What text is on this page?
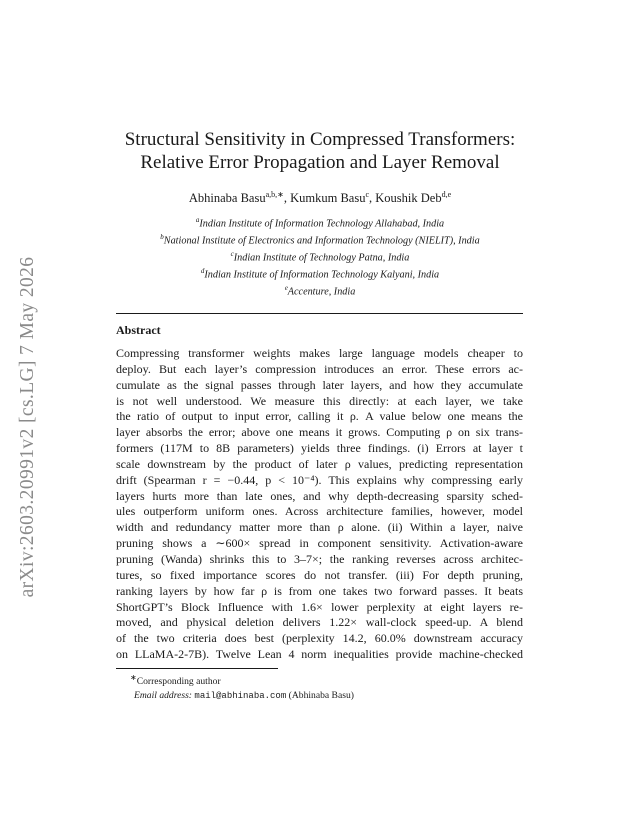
arXiv:2603.20991v2 [cs.LG] 7 May 2026
Structural Sensitivity in Compressed Transformers:
Relative Error Propagation and Layer Removal
Abhinaba Basu$^{a,b,∗}$, Kumkum Basu$^c$, Koushik Deb$^{d,e}$
$^a$Indian Institute of Information Technology Allahabad, India
$^b$National Institute of Electronics and Information Technology (NIELIT), India
$^c$Indian Institute of Technology Patna, India
$^d$Indian Institute of Information Technology Kalyani, India
$^e$Accenture, India
Abstract
Compressing transformer weights makes large language models cheaper to
deploy. But each layer’s compression introduces an error. These errors ac-
cumulate as the signal passes through later layers, and how they accumulate
is not well understood. We measure this directly: at each layer, we take
the ratio of output to input error, calling it ρ. A value below one means the
layer absorbs the error; above one means it grows. Computing ρ on six trans-
formers (117M to 8B parameters) yields three findings. (i) Errors at layer t
scale downstream by the product of later ρ values, predicting representation
drift (Spearman r = −0.44, p < 10⁻⁴). This explains why compressing early
layers hurts more than late ones, and why depth-decreasing sparsity sched-
ules outperform uniform ones. Across architecture families, however, model
width and redundancy matter more than ρ alone. (ii) Within a layer, naive
pruning shows a ∼600× spread in component sensitivity. Activation-aware
pruning (Wanda) shrinks this to 3–7×; the ranking reverses across architec-
tures, so fixed importance scores do not transfer. (iii) For depth pruning,
ranking layers by how far ρ is from one takes two forward passes. It beats
ShortGPT’s Block Influence with 1.6× lower perplexity at eight layers re-
moved, and physical deletion delivers 1.22× wall-clock speed-up. A blend
of the two criteria does best (perplexity 14.2, 60.0% downstream accuracy
on LLaMA-2-7B). Twelve Lean 4 norm inequalities provide machine-checked
∗Corresponding author
Email address: mail@abhinaba.com (Abhinaba Basu)
